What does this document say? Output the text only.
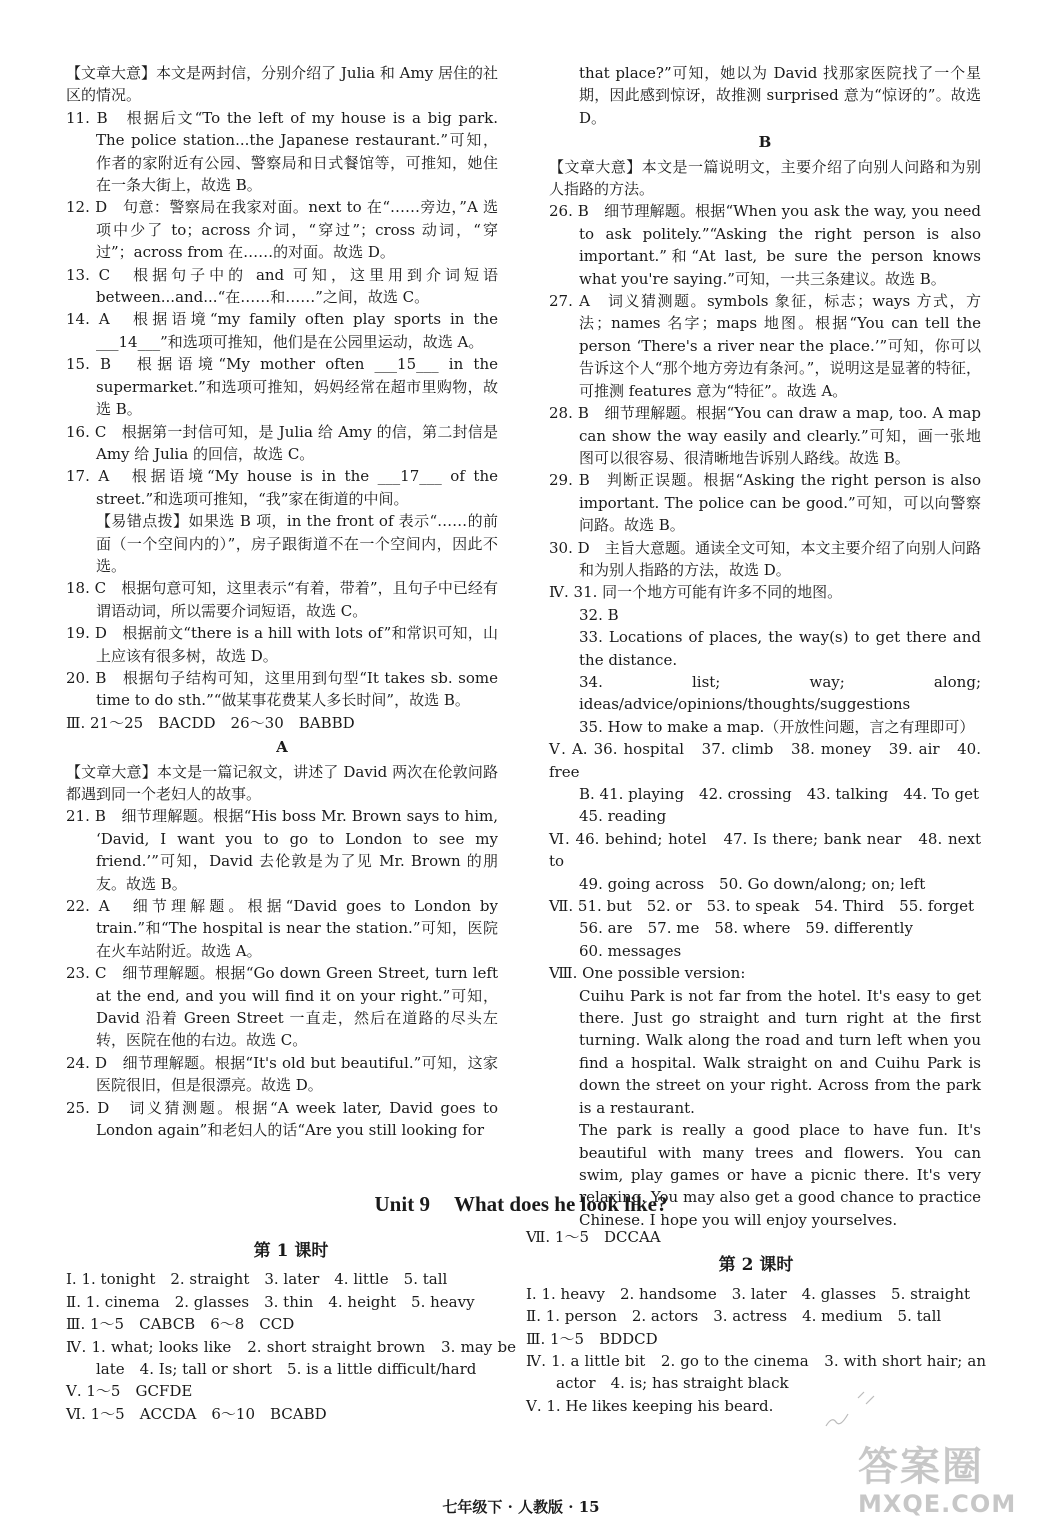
【文章大意】本文是两封信，分别介绍了 Julia 和 Amy 居住的社区的情况。
11. B　根据后文“To the left of my house is a big park. The police station...the Japanese restaurant.”可知，作者的家附近有公园、警察局和日式餐馆等，可推知，她住在一条大街上，故选 B。
12. D　句意：警察局在我家对面。next to 在“……旁边，”A 选项中少了 to；across 介词，“穿过”；cross 动词，“穿过”；across from 在……的对面。故选 D。
13. C　根据句子中的 and 可知，这里用到介词短语 between...and...“在……和……”之间，故选 C。
14. A　根据语境“my family often play sports in the ___14___”和选项可推知，他们是在公园里运动，故选 A。
15. B　根据语境“My mother often ___15___ in the supermarket.”和选项可推知，妈妈经常在超市里购物，故选 B。
16. C　根据第一封信可知，是 Julia 给 Amy 的信，第二封信是 Amy 给 Julia 的回信，故选 C。
17. A　根据语境“My house is in the ___17___ of the street.”和选项可推知，“我”家在街道的中间。
【易错点拨】如果选 B 项，in the front of 表示“……的前面（一个空间内的）”，房子跟街道不在一个空间内，因此不选。
18. C　根据句意可知，这里表示“有着，带着”，且句子中已经有谓语动词，所以需要介词短语，故选 C。
19. D　根据前文“there is a hill with lots of”和常识可知，山上应该有很多树，故选 D。
20. B　根据句子结构可知，这里用到句型“It takes sb. some time to do sth.”“做某事花费某人多长时间”，故选 B。
Ⅲ. 21～25　BACDD　26～30　BABBD
A
【文章大意】本文是一篇记叙文，讲述了 David 两次在伦敦问路都遇到同一个老妇人的故事。
21. B　细节理解题。根据“His boss Mr. Brown says to him, ‘David, I want you to go to London to see my friend.’”可知，David 去伦敦是为了见 Mr. Brown 的朋友。故选 B。
22. A　细节理解题。根据“David goes to London by train.”和“The hospital is near the station.”可知，医院在火车站附近。故选 A。
23. C　细节理解题。根据“Go down Green Street, turn left at the end, and you will find it on your right.”可知，David 沿着 Green Street 一直走，然后在道路的尽头左转，医院在他的右边。故选 C。
24. D　细节理解题。根据“It's old but beautiful.”可知，这家医院很旧，但是很漂亮。故选 D。
25. D　词义猜测题。根据“A week later, David goes to London again”和老妇人的话“Are you still looking for
that place?”可知，她以为 David 找那家医院找了一个星期，因此感到惊讶，故推测 surprised 意为“惊讶的”。故选 D。
B
【文章大意】本文是一篇说明文，主要介绍了向别人问路和为别人指路的方法。
26. B　细节理解题。根据“When you ask the way, you need to ask politely.”“Asking the right person is also important.”和“At last, be sure the person knows what you're saying.”可知，一共三条建议。故选 B。
27. A　词义猜测题。symbols 象征，标志；ways 方式，方法；names 名字；maps 地图。根据“You can tell the person ‘There's a river near the place.’”可知，你可以告诉这个人“那个地方旁边有条河。”，说明这是显著的特征，可推测 features 意为“特征”。故选 A。
28. B　细节理解题。根据“You can draw a map, too. A map can show the way easily and clearly.”可知，画一张地图可以很容易、很清晰地告诉别人路线。故选 B。
29. B　判断正误题。根据“Asking the right person is also important. The police can be good.”可知，可以向警察问路。故选 B。
30. D　主旨大意题。通读全文可知，本文主要介绍了向别人问路和为别人指路的方法，故选 D。
Ⅳ. 31. 同一个地方可能有许多不同的地图。
32. B
33. Locations of places, the way(s) to get there and the distance.
34. list; way; along; ideas/advice/opinions/thoughts/suggestions
35. How to make a map.（开放性问题，言之有理即可）
Ⅴ. A. 36. hospital　37. climb　38. money　39. air　40. free
B. 41. playing　42. crossing　43. talking　44. To get
45. reading
Ⅵ. 46. behind; hotel　47. Is there; bank near　48. next to
49. going across　50. Go down/along; on; left
Ⅶ. 51. but　52. or　53. to speak　54. Third　55. forget
56. are　57. me　58. where　59. differently
60. messages
Ⅷ. One possible version:
Cuihu Park is not far from the hotel. It's easy to get there. Just go straight and turn right at the first turning. Walk along the road and turn left when you find a hospital. Walk straight on and Cuihu Park is down the street on your right. Across from the park is a restaurant.
The park is really a good place to have fun. It's beautiful with many trees and flowers. You can swim, play games or have a picnic there. It's very relaxing. You may also get a good chance to practice Chinese. I hope you will enjoy yourselves.
Unit 9 What does he look like?
第 1 课时
Ⅰ. 1. tonight　2. straight　3. later　4. little　5. tall
Ⅱ. 1. cinema　2. glasses　3. thin　4. height　5. heavy
Ⅲ. 1～5　CABCB　6～8　CCD
Ⅳ. 1. what; looks like　2. short straight brown　3. may be late　4. Is; tall or short　5. is a little difficult/hard
Ⅴ. 1～5　GCFDE
Ⅵ. 1～5　ACCDA　6～10　BCABD
Ⅶ. 1～5　DCCAA
第 2 课时
Ⅰ. 1. heavy　2. handsome　3. later　4. glasses　5. straight
Ⅱ. 1. person　2. actors　3. actress　4. medium　5. tall
Ⅲ. 1～5　BDDCD
Ⅳ. 1. a little bit　2. go to the cinema　3. with short hair; an actor　4. is; has straight black
Ⅴ. 1. He likes keeping his beard.
七年级下 · 人教版 · 15
答案圈
MXQE.COM
